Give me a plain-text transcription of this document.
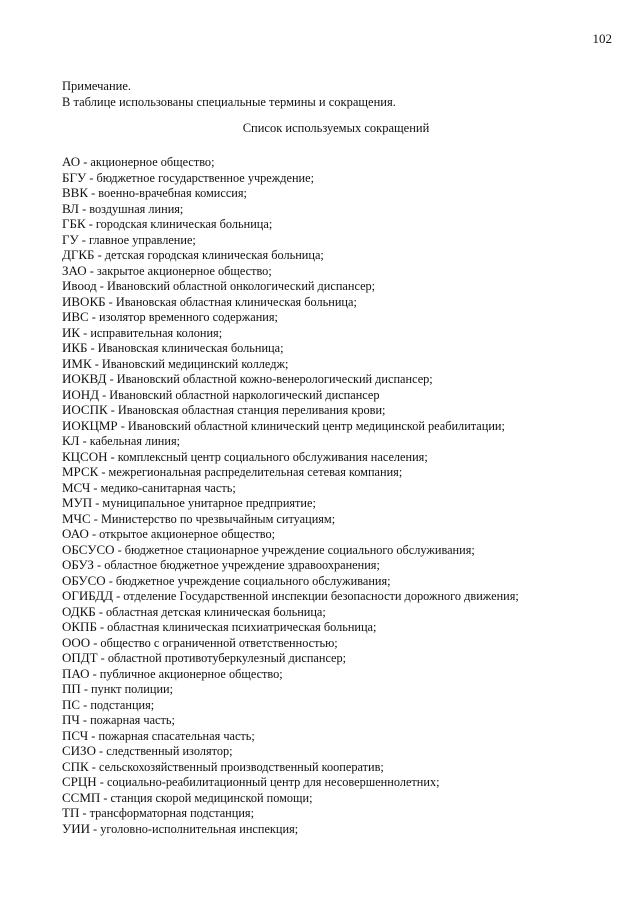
102
Примечание.
В таблице использованы специальные термины и сокращения.
Список используемых сокращений
АО - акционерное общество;
БГУ - бюджетное государственное учреждение;
ВВК - военно-врачебная комиссия;
ВЛ - воздушная линия;
ГБК - городская клиническая больница;
ГУ - главное управление;
ДГКБ - детская городская клиническая больница;
ЗАО - закрытое акционерное общество;
Ивоод - Ивановский областной онкологический диспансер;
ИВОКБ - Ивановская областная клиническая больница;
ИВС - изолятор временного содержания;
ИК - исправительная колония;
ИКБ - Ивановская клиническая больница;
ИМК - Ивановский медицинский колледж;
ИОКВД - Ивановский областной кожно-венерологический диспансер;
ИОНД - Ивановский областной наркологический диспансер
ИОСПК - Ивановская областная станция переливания крови;
ИОКЦМР - Ивановский областной клинический центр медицинской реабилитации;
КЛ - кабельная линия;
КЦСОН - комплексный центр социального обслуживания населения;
МРСК - межрегиональная распределительная сетевая компания;
МСЧ - медико-санитарная часть;
МУП - муниципальное унитарное предприятие;
МЧС - Министерство по чрезвычайным ситуациям;
ОАО - открытое акционерное общество;
ОБСУСО - бюджетное стационарное учреждение социального обслуживания;
ОБУЗ - областное бюджетное учреждение здравоохранения;
ОБУСО - бюджетное учреждение социального обслуживания;
ОГИБДД - отделение Государственной инспекции безопасности дорожного движения;
ОДКБ - областная детская клиническая больница;
ОКПБ - областная клиническая психиатрическая больница;
ООО - общество с ограниченной ответственностью;
ОПДТ - областной противотуберкулезный диспансер;
ПАО - публичное акционерное общество;
ПП - пункт полиции;
ПС - подстанция;
ПЧ - пожарная часть;
ПСЧ - пожарная спасательная часть;
СИЗО - следственный изолятор;
СПК - сельскохозяйственный производственный кооператив;
СРЦН - социально-реабилитационный центр для несовершеннолетних;
ССМП - станция скорой медицинской помощи;
ТП - трансформаторная подстанция;
УИИ - уголовно-исполнительная инспекция;
